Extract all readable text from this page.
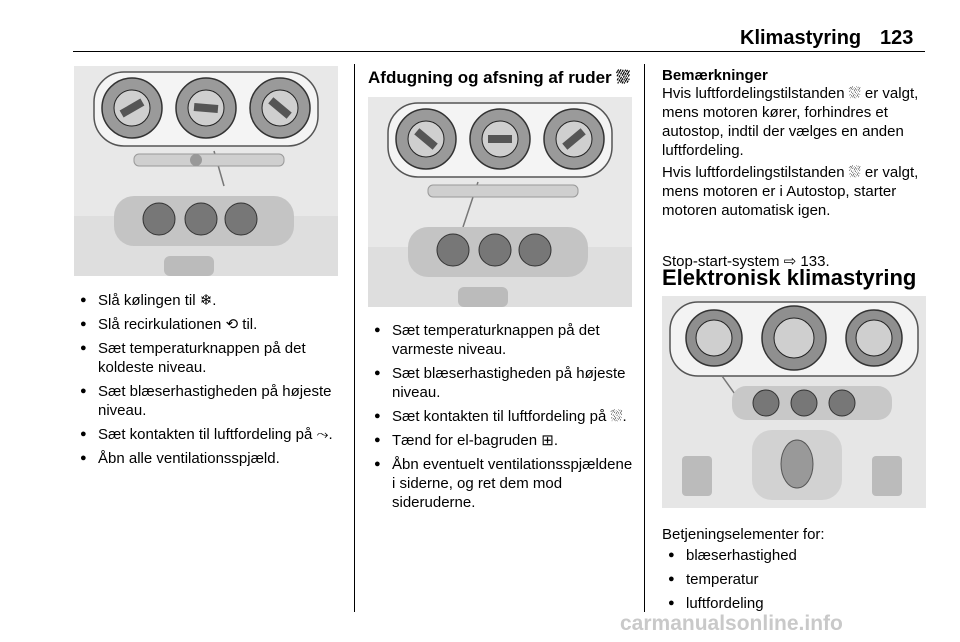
Klimastyring 123
● Slå kølingen til ❄.
● Slå recirkulationen ⟲ til.
● Sæt temperaturknappen på det koldeste niveau.
● Sæt blæserhastigheden på højeste niveau.
● Sæt kontakten til luftfordeling på ⤳.
● Åbn alle ventilationsspjæld.
Afdugning og afsning af ruder ⛆
● Sæt temperaturknappen på det varmeste niveau.
● Sæt blæserhastigheden på højeste niveau.
● Sæt kontakten til luftfordeling på ⛆.
● Tænd for el-bagruden ⊞.
● Åbn eventuelt ventilationsspjældene i siderne, og ret dem mod sideruderne.
Bemærkninger

Hvis luftfordelingstilstanden ⛆ er valgt, mens motoren kører, forhindres et autostop, indtil der vælges en anden luftfordeling.

Hvis luftfordelingstilstanden ⛆ er valgt, mens motoren er i Autostop, starter motoren automatisk igen.

Stop-start-system ⇨ 133.
Elektronisk klimastyring
Betjeningselementer for:
● blæserhastighed
● temperatur
● luftfordeling
carmanualsonline.info
